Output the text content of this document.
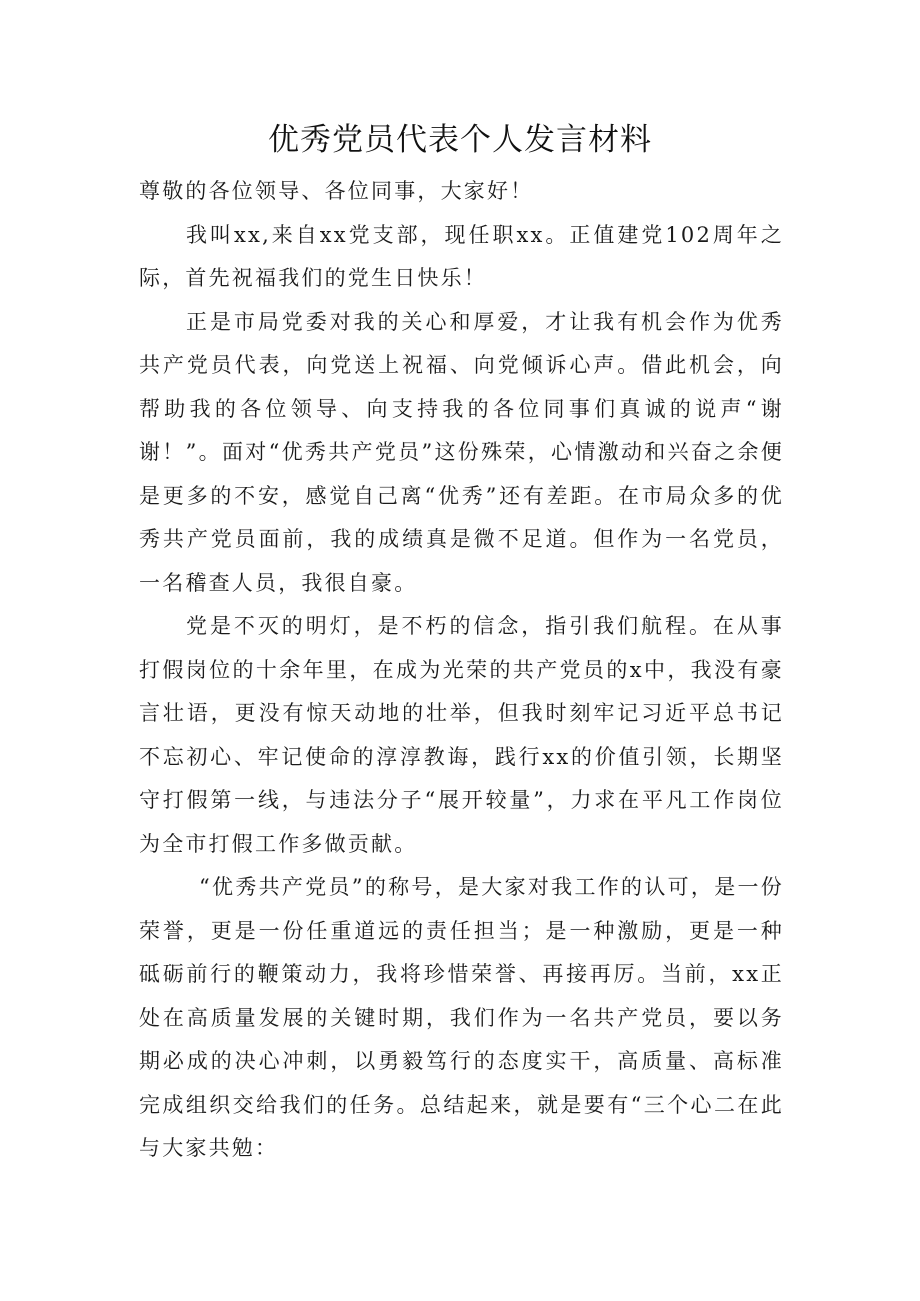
优秀党员代表个人发言材料

尊敬的各位领导、各位同事，大家好！

我叫xx,来自xx党支部，现任职xx。正值建党102周年之际，首先祝福我们的党生日快乐！

正是市局党委对我的关心和厚爱，才让我有机会作为优秀共产党员代表，向党送上祝福、向党倾诉心声。借此机会，向帮助我的各位领导、向支持我的各位同事们真诚的说声“谢谢！”。面对“优秀共产党员”这份殊荣，心情激动和兴奋之余便是更多的不安，感觉自己离“优秀”还有差距。在市局众多的优秀共产党员面前，我的成绩真是微不足道。但作为一名党员，一名稽查人员，我很自豪。

党是不灭的明灯，是不朽的信念，指引我们航程。在从事打假岗位的十余年里，在成为光荣的共产党员的x中，我没有豪言壮语，更没有惊天动地的壮举，但我时刻牢记习近平总书记不忘初心、牢记使命的淳淳教诲，践行xx的价值引领，长期坚守打假第一线，与违法分子“展开较量”，力求在平凡工作岗位为全市打假工作多做贡献。

“优秀共产党员”的称号，是大家对我工作的认可，是一份荣誉，更是一份任重道远的责任担当；是一种激励，更是一种砥砺前行的鞭策动力，我将珍惜荣誉、再接再厉。当前，xx正处在高质量发展的关键时期，我们作为一名共产党员，要以务期必成的决心冲刺，以勇毅笃行的态度实干，高质量、高标准完成组织交给我们的任务。总结起来，就是要有“三个心二在此与大家共勉：
